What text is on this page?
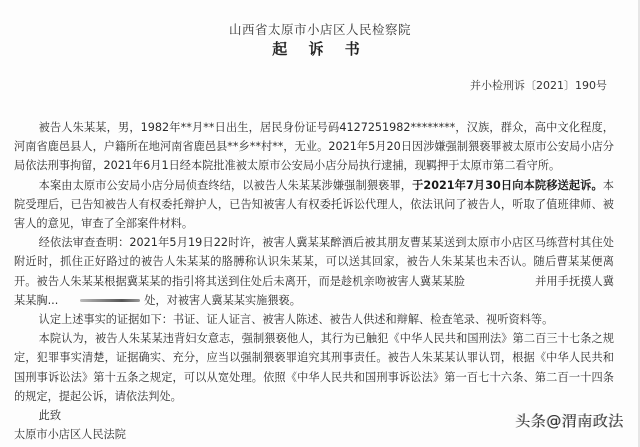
山西省太原市小店区人民检察院
起 诉 书
并小检刑诉〔2021〕190号

被告人朱某某，男，1982年**月**日出生，居民身份证号码4127251982********，汉族，群众，高中文化程度，河南省鹿邑县人，户籍所在地河南省鹿邑县**乡**村**，无业。2021年5月20日因涉嫌强制猥亵罪被太原市公安局小店分局依法刑事拘留，2021年6月1日经本院批准被太原市公安局小店分局执行逮捕，现羁押于太原市第二看守所。

本案由太原市公安局小店分局侦查终结，以被告人朱某某涉嫌强制猥亵罪，于2021年7月30日向本院移送起诉。本院受理后，已告知被告人有权委托辩护人，已告知被害人有权委托诉讼代理人，依法讯问了被告人，听取了值班律师、被害人的意见，审查了全部案件材料。

经依法审查查明：2021年5月19日22时许，被害人冀某某醉酒后被其朋友曹某某送到太原市小店区马练营村其住处附近时，抓住正好路过的被告人朱某某的胳膊称认识朱某某，可以送其回家，被告人朱某某也未否认。随后曹某某便离开。被告人朱某某根据冀某某的指引将其送到住处后未离开，而是趁机亲吻被害人冀某某脸	并用手抚摸人冀某某胸...	处，对被害人冀某某实施猥亵。

认定上述事实的证据如下：书证、证人证言、被害人陈述、被告人供述和辩解、检查笔录、视听资料等。

本院认为，被告人朱某某违背妇女意志，强制猥亵他人，其行为已触犯《中华人民共和国刑法》第二百三十七条之规定，犯罪事实清楚，证据确实、充分，应当以强制猥亵罪追究其刑事责任。被告人朱某某认罪认罚，根据《中华人民共和国刑事诉讼法》第十五条之规定，可以从宽处理。依照《中华人民共和国刑事诉讼法》第一百七十六条、第二百一十四条的规定，提起公诉，请依法判处。

此致

太原市小店区人民法院

头条@渭南政法
